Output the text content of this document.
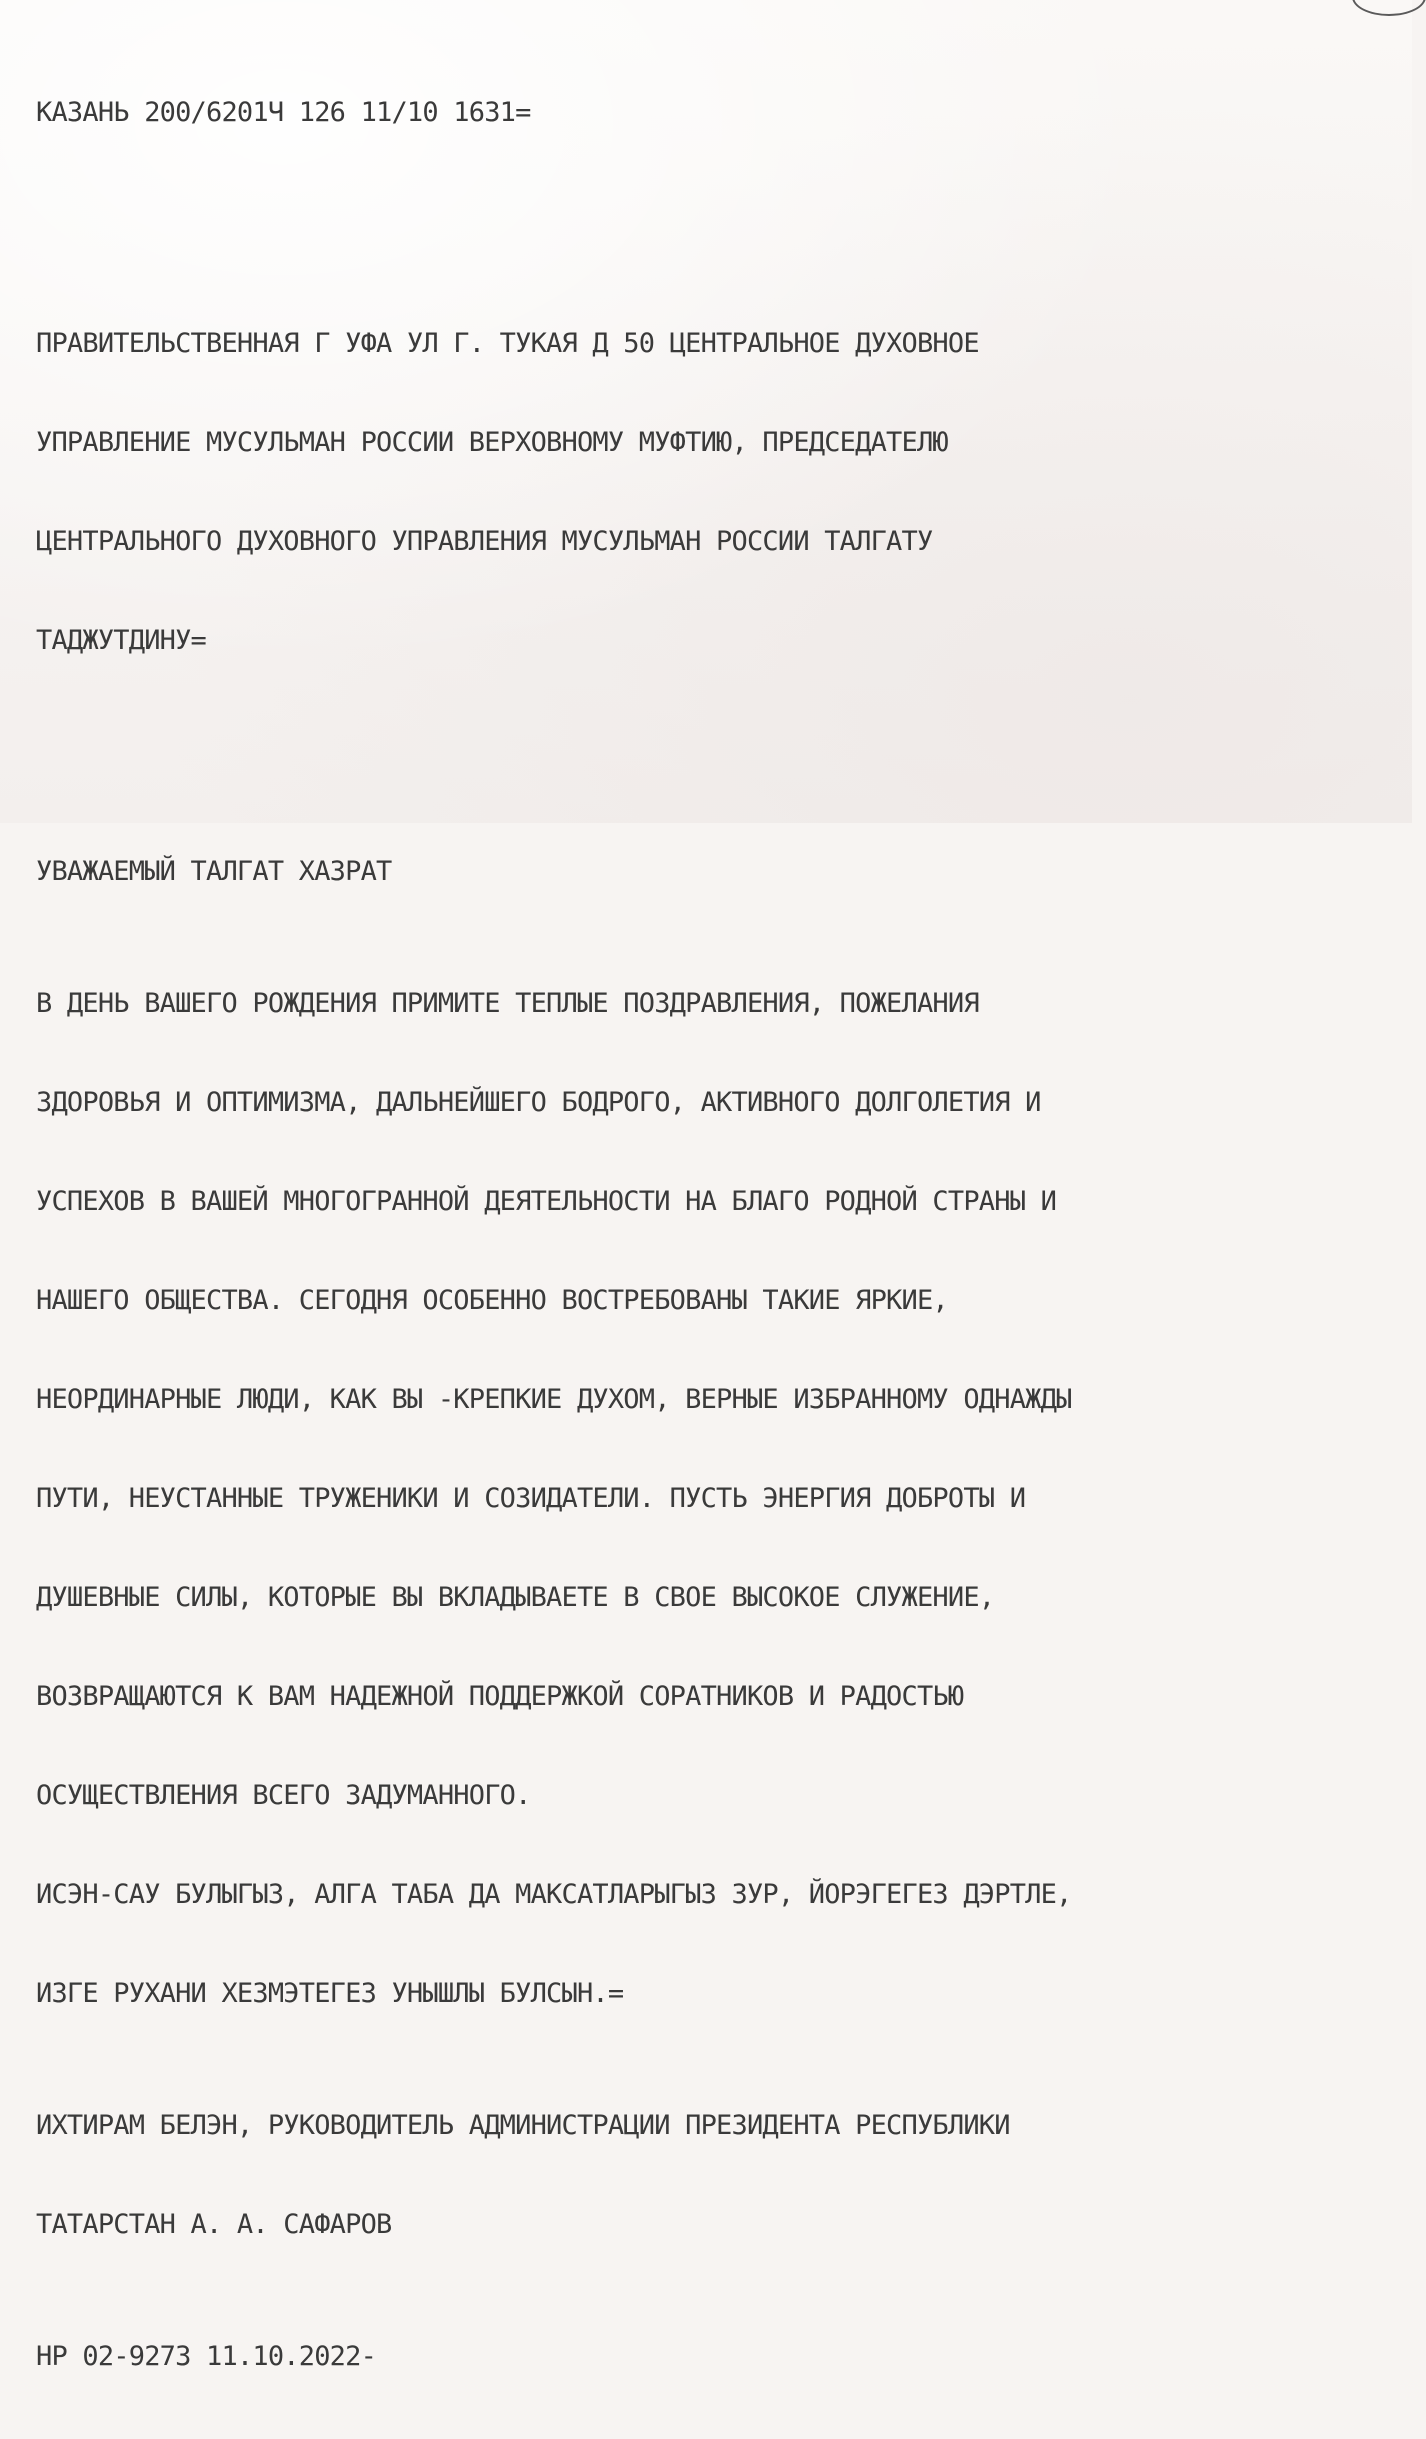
КАЗАНЬ 200/6201Ч 126 11/10 1631=

ПРАВИТЕЛЬСТВЕННАЯ Г УФА УЛ Г. ТУКАЯ Д 50 ЦЕНТРАЛЬНОЕ ДУХОВНОЕ

УПРАВЛЕНИЕ МУСУЛЬМАН РОССИИ ВЕРХОВНОМУ МУФТИЮ, ПРЕДСЕДАТЕЛЮ

ЦЕНТРАЛЬНОГО ДУХОВНОГО УПРАВЛЕНИЯ МУСУЛЬМАН РОССИИ ТАЛГАТУ

ТАДЖУТДИНУ=

УВАЖАЕМЫЙ ТАЛГАТ ХАЗРАТ

В ДЕНЬ ВАШЕГО РОЖДЕНИЯ ПРИМИТЕ ТЕПЛЫЕ ПОЗДРАВЛЕНИЯ, ПОЖЕЛАНИЯ

ЗДОРОВЬЯ И ОПТИМИЗМА, ДАЛЬНЕЙШЕГО БОДРОГО, АКТИВНОГО ДОЛГОЛЕТИЯ И

УСПЕХОВ В ВАШЕЙ МНОГОГРАННОЙ ДЕЯТЕЛЬНОСТИ НА БЛАГО РОДНОЙ СТРАНЫ И

НАШЕГО ОБЩЕСТВА. СЕГОДНЯ ОСОБЕННО ВОСТРЕБОВАНЫ ТАКИЕ ЯРКИЕ,

НЕОРДИНАРНЫЕ ЛЮДИ, КАК ВЫ -КРЕПКИЕ ДУХОМ, ВЕРНЫЕ ИЗБРАННОМУ ОДНАЖДЫ

ПУТИ, НЕУСТАННЫЕ ТРУЖЕНИКИ И СОЗИДАТЕЛИ. ПУСТЬ ЭНЕРГИЯ ДОБРОТЫ И

ДУШЕВНЫЕ СИЛЫ, КОТОРЫЕ ВЫ ВКЛАДЫВАЕТЕ В СВОЕ ВЫСОКОЕ СЛУЖЕНИЕ,

ВОЗВРАЩАЮТСЯ К ВАМ НАДЕЖНОЙ ПОДДЕРЖКОЙ СОРАТНИКОВ И РАДОСТЬЮ

ОСУЩЕСТВЛЕНИЯ ВСЕГО ЗАДУМАННОГО.

ИСЭН-САУ БУЛЫГЫЗ, АЛГА ТАБА ДА МАКСАТЛАРЫГЫЗ ЗУР, ЙОРЭГЕГЕЗ ДЭРТЛЕ,

ИЗГЕ РУХАНИ ХЕЗМЭТЕГЕЗ УНЫШЛЫ БУЛСЫН.=

ИХТИРАМ БЕЛЭН, РУКОВОДИТЕЛЬ АДМИНИСТРАЦИИ ПРЕЗИДЕНТА РЕСПУБЛИКИ

ТАТАРСТАН А. А. САФАРОВ

НР 02-9273 11.10.2022-
